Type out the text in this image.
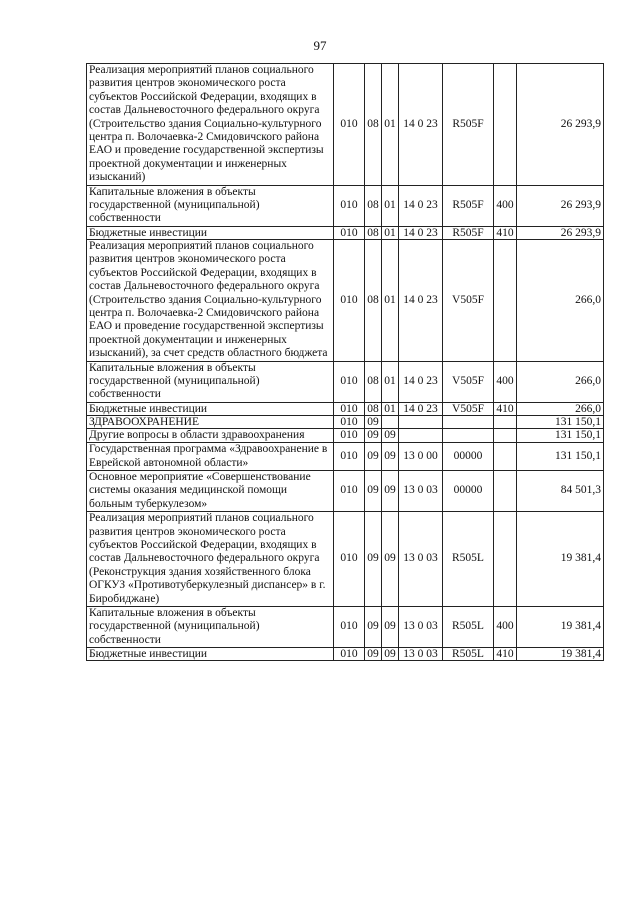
97
Реализация мероприятий планов социального развития центров экономического роста субъектов Российской Федерации, входящих в состав Дальневосточного федерального округа (Строительство здания Социально-культурного центра п. Волочаевка-2 Смидовичского района ЕАО и проведение государственной экспертизы проектной документации и инженерных изысканий)	010	08	01	14 0 23	R505F		26 293,9
Капитальные вложения в объекты государственной (муниципальной) собственности	010	08	01	14 0 23	R505F	400	26 293,9
Бюджетные инвестиции	010	08	01	14 0 23	R505F	410	26 293,9
Реализация мероприятий планов социального развития центров экономического роста субъектов Российской Федерации, входящих в состав Дальневосточного федерального округа (Строительство здания Социально-культурного центра п. Волочаевка-2 Смидовичского района ЕАО и проведение государственной экспертизы проектной документации и инженерных изысканий), за счет средств областного бюджета	010	08	01	14 0 23	V505F		266,0
Капитальные вложения в объекты государственной (муниципальной) собственности	010	08	01	14 0 23	V505F	400	266,0
Бюджетные инвестиции	010	08	01	14 0 23	V505F	410	266,0
ЗДРАВООХРАНЕНИЕ	010	09					131 150,1
Другие вопросы в области здравоохранения	010	09	09				131 150,1
Государственная программа «Здравоохранение в Еврейской автономной области»	010	09	09	13 0 00	00000		131 150,1
Основное мероприятие «Совершенствование системы оказания медицинской помощи больным туберкулезом»	010	09	09	13 0 03	00000		84 501,3
Реализация мероприятий планов социального развития центров экономического роста субъектов Российской Федерации, входящих в состав Дальневосточного федерального округа (Реконструкция здания хозяйственного блока ОГКУЗ «Противотуберкулезный диспансер» в г. Биробиджане)	010	09	09	13 0 03	R505L		19 381,4
Капитальные вложения в объекты государственной (муниципальной) собственности	010	09	09	13 0 03	R505L	400	19 381,4
Бюджетные инвестиции	010	09	09	13 0 03	R505L	410	19 381,4
